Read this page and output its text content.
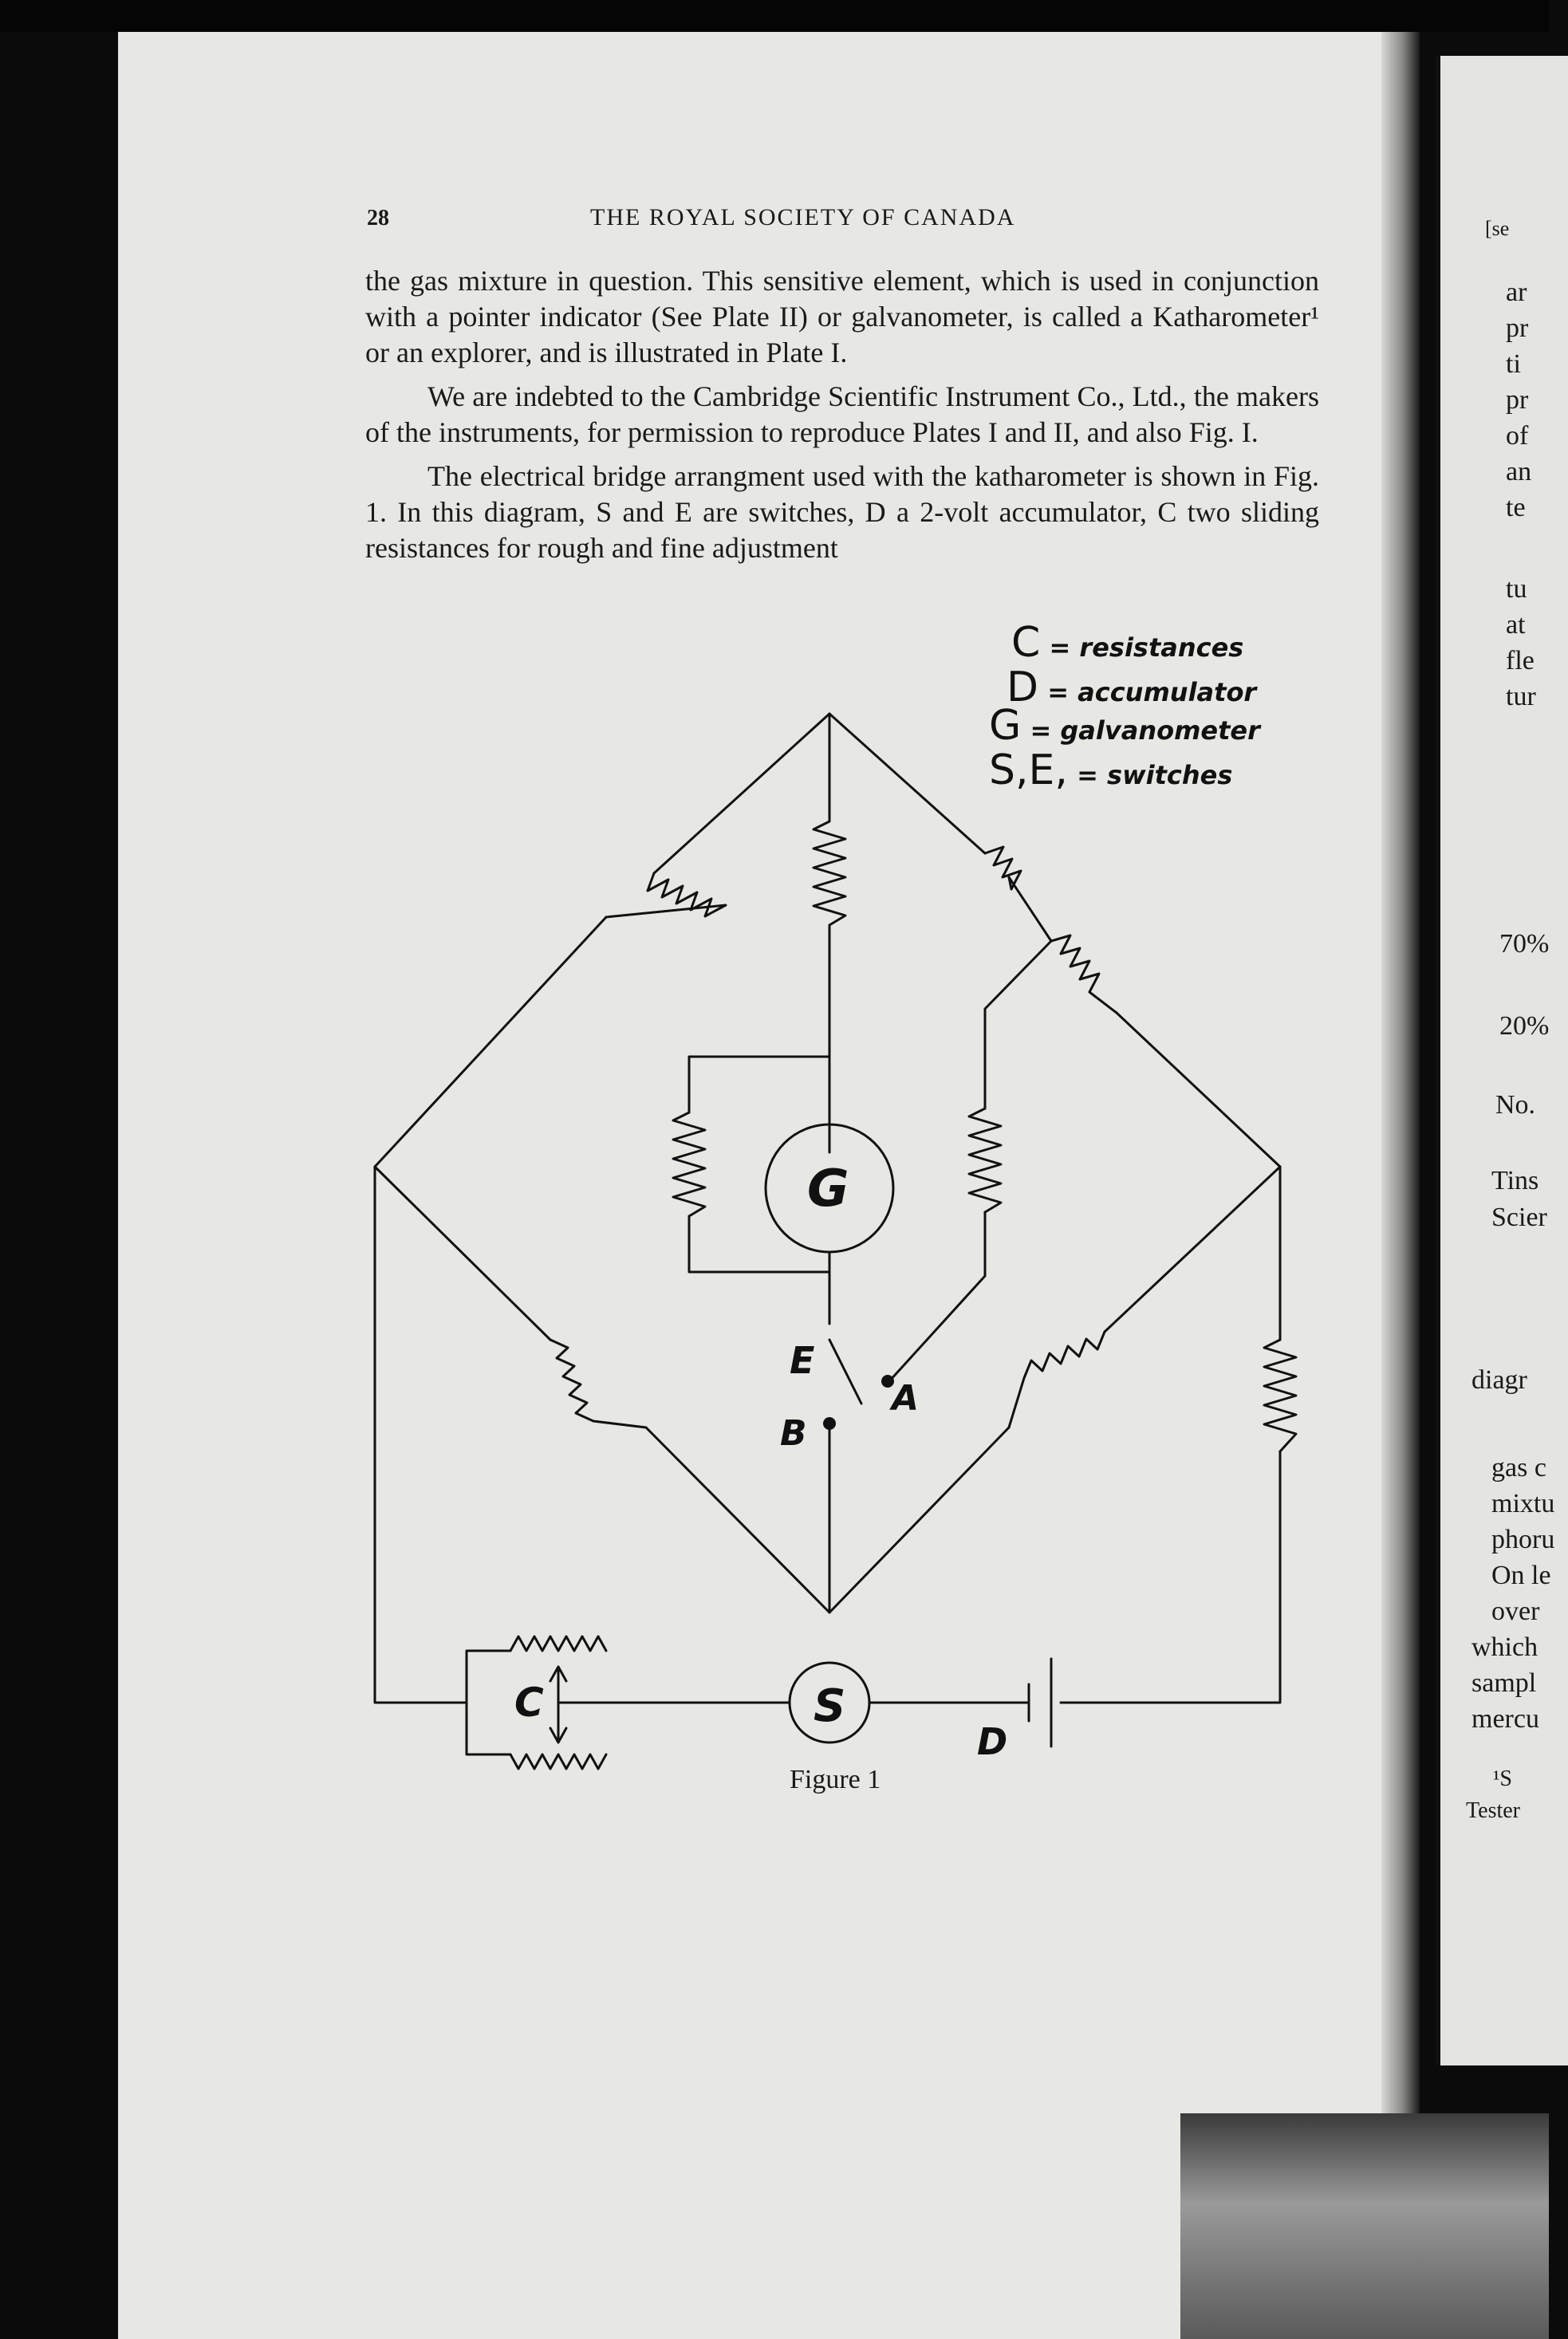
28	THE ROYAL SOCIETY OF CANADA

the gas mixture in question. This sensitive element, which is used in conjunction with a pointer indicator (See Plate II) or galvanometer, is called a Katharometer¹ or an explorer, and is illustrated in Plate I.

We are indebted to the Cambridge Scientific Instrument Co., Ltd., the makers of the instruments, for permission to reproduce Plates I and II, and also Fig. I.

The electrical bridge arrangment used with the katharometer is shown in Fig. 1. In this diagram, S and E are switches, D a 2-volt accumulator, C two sliding resistances for rough and fine adjustment

G
S
C
D
E
A
B
C = resistances
D = accumulator
G = galvanometer
S,E, = switches
Figure 1
[se
ar
pr
ti
pr
of
an
te
tu
at
fle
tur
70%
20%
No.
Tins
Scier
diagr
gas c
mixtu
phoru
On le
over
which
sampl
mercu
¹S
Tester
